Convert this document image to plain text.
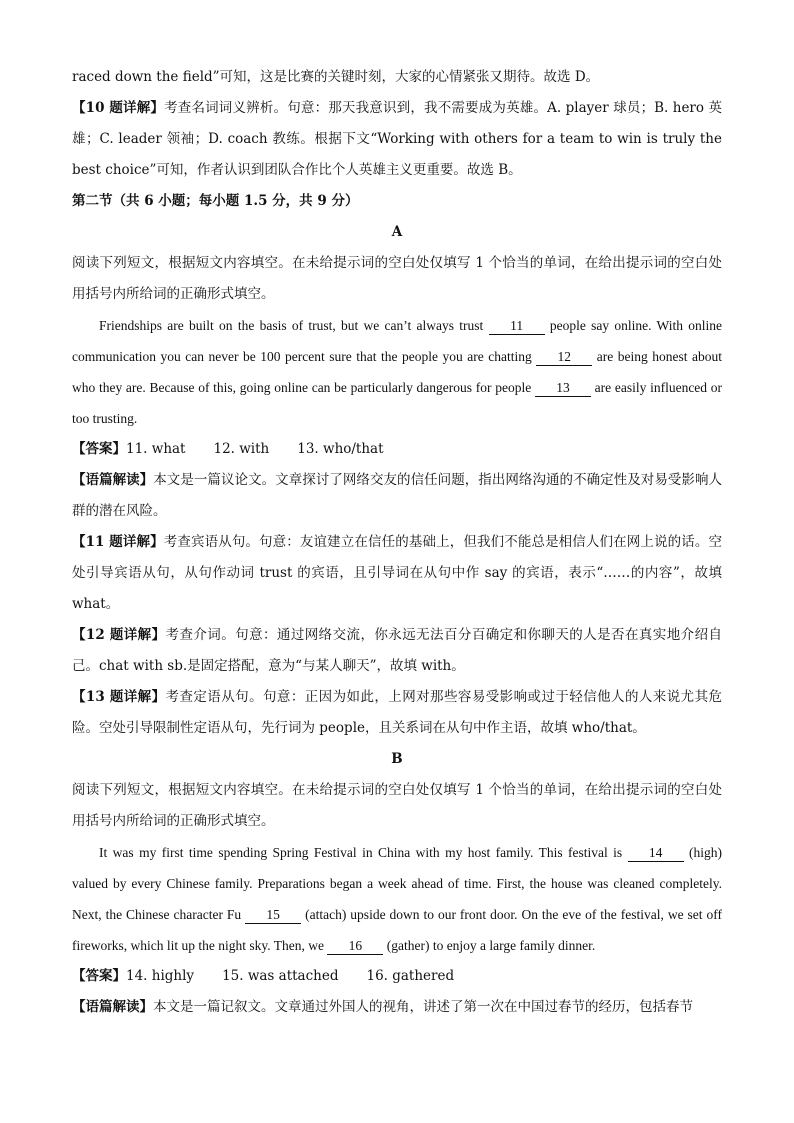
raced down the field”可知，这是比赛的关键时刻，大家的心情紧张又期待。故选 D。

【10 题详解】考查名词词义辨析。句意：那天我意识到，我不需要成为英雄。A. player 球员；B. hero 英雄；C. leader 领袖；D. coach 教练。根据下文“Working with others for a team to win is truly the best choice”可知，作者认识到团队合作比个人英雄主义更重要。故选 B。

第二节（共 6 小题；每小题 1.5 分，共 9 分）

A

阅读下列短文，根据短文内容填空。在未给提示词的空白处仅填写 1 个恰当的单词，在给出提示词的空白处用括号内所给词的正确形式填空。

Friendships are built on the basis of trust, but we can’t always trust 11 people say online. With online communication you can never be 100 percent sure that the people you are chatting 12 are being honest about who they are. Because of this, going online can be particularly dangerous for people 13 are easily influenced or too trusting.

【答案】11. what 12. with 13. who/that

【语篇解读】本文是一篇议论文。文章探讨了网络交友的信任问题，指出网络沟通的不确定性及对易受影响人群的潜在风险。

【11 题详解】考查宾语从句。句意：友谊建立在信任的基础上，但我们不能总是相信人们在网上说的话。空处引导宾语从句，从句作动词 trust 的宾语，且引导词在从句中作 say 的宾语，表示“……的内容”，故填 what。

【12 题详解】考查介词。句意：通过网络交流，你永远无法百分百确定和你聊天的人是否在真实地介绍自己。chat with sb.是固定搭配，意为“与某人聊天”，故填 with。

【13 题详解】考查定语从句。句意：正因为如此，上网对那些容易受影响或过于轻信他人的人来说尤其危险。空处引导限制性定语从句，先行词为 people，且关系词在从句中作主语，故填 who/that。

B

阅读下列短文，根据短文内容填空。在未给提示词的空白处仅填写 1 个恰当的单词，在给出提示词的空白处用括号内所给词的正确形式填空。

It was my first time spending Spring Festival in China with my host family. This festival is 14 (high) valued by every Chinese family. Preparations began a week ahead of time. First, the house was cleaned completely. Next, the Chinese character Fu 15 (attach) upside down to our front door. On the eve of the festival, we set off fireworks, which lit up the night sky. Then, we 16 (gather) to enjoy a large family dinner.

【答案】14. highly 15. was attached 16. gathered

【语篇解读】本文是一篇记叙文。文章通过外国人的视角，讲述了第一次在中国过春节的经历，包括春节
